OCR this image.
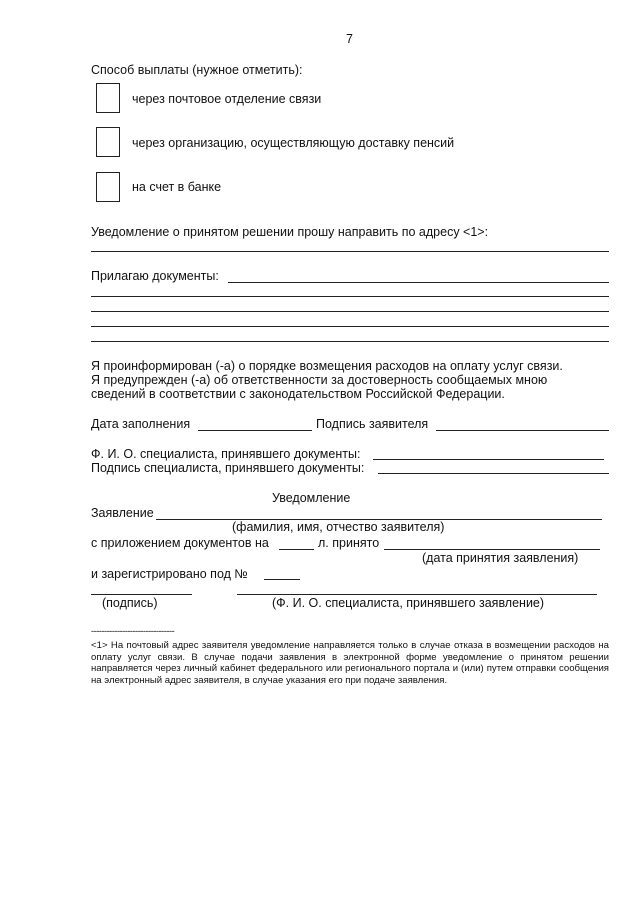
7
Способ выплаты (нужное отметить):
через почтовое отделение связи
через организацию, осуществляющую доставку пенсий
на счет в банке
Уведомление о принятом решении прошу направить по адресу <1>:
Прилагаю документы:
Я проинформирован (-а) о порядке возмещения расходов на оплату услуг связи.
Я предупрежден (-а) об ответственности за достоверность сообщаемых мною
сведений в соответствии с законодательством Российской Федерации.
Дата заполнения	Подпись заявителя
Ф. И. О. специалиста, принявшего документы:
Подпись специалиста, принявшего документы:
Уведомление
Заявление
(фамилия, имя, отчество заявителя)
с приложением документов на	л. принято
(дата принятия заявления)
и зарегистрировано под №
(подпись)	(Ф. И. О. специалиста, принявшего заявление)
--------------------------------
<1> На почтовый адрес заявителя уведомление направляется только в случае отказа в возмещении расходов на оплату услуг связи. В случае подачи заявления в электронной форме уведомление о принятом решении направляется через личный кабинет федерального или регионального портала и (или) путем отправки сообщения на электронный адрес заявителя, в случае указания его при подаче заявления.
